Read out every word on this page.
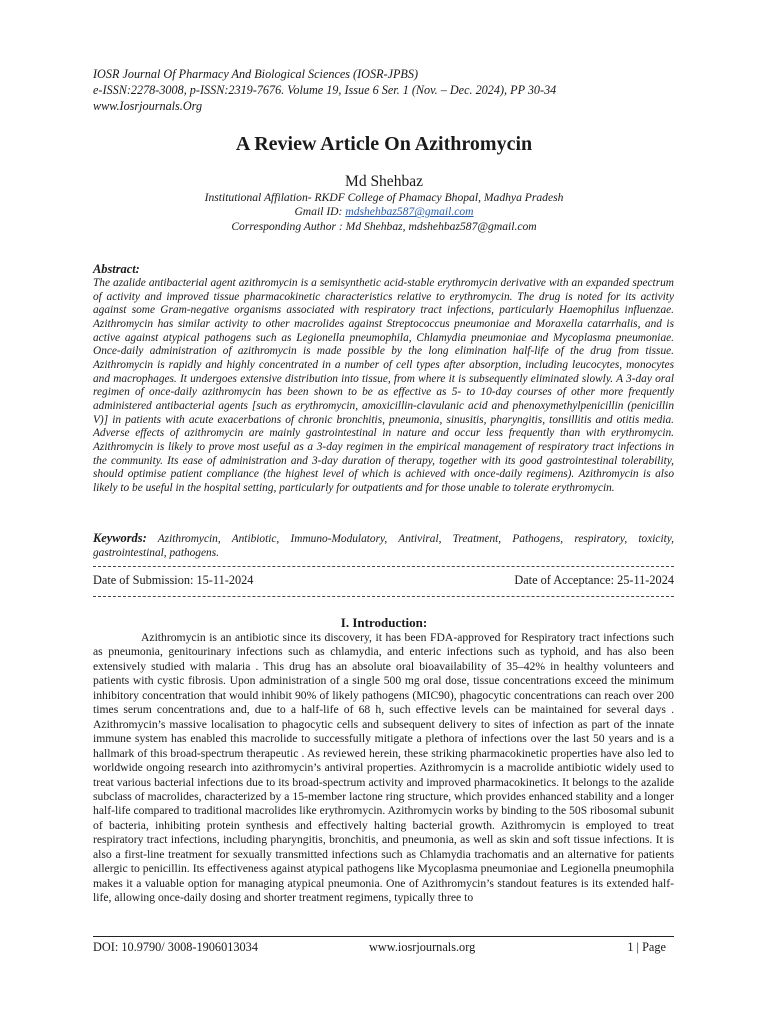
IOSR Journal Of Pharmacy And Biological Sciences (IOSR-JPBS)
e-ISSN:2278-3008, p-ISSN:2319-7676. Volume 19, Issue 6 Ser. 1 (Nov. – Dec. 2024), PP 30-34
www.Iosrjournals.Org
A Review Article On Azithromycin
Md Shehbaz
Institutional Affilation- RKDF College of Phamacy Bhopal, Madhya Pradesh
Gmail ID: mdshehbaz587@gmail.com
Corresponding Author : Md Shehbaz, mdshehbaz587@gmail.com
Abstract:
The azalide antibacterial agent azithromycin is a semisynthetic acid-stable erythromycin derivative with an expanded spectrum of activity and improved tissue pharmacokinetic characteristics relative to erythromycin. The drug is noted for its activity against some Gram-negative organisms associated with respiratory tract infections, particularly Haemophilus influenzae. Azithromycin has similar activity to other macrolides against Streptococcus pneumoniae and Moraxella catarrhalis, and is active against atypical pathogens such as Legionella pneumophila, Chlamydia pneumoniae and Mycoplasma pneumoniae. Once-daily administration of azithromycin is made possible by the long elimination half-life of the drug from tissue. Azithromycin is rapidly and highly concentrated in a number of cell types after absorption, including leucocytes, monocytes and macrophages. It undergoes extensive distribution into tissue, from where it is subsequently eliminated slowly. A 3-day oral regimen of once-daily azithromycin has been shown to be as effective as 5- to 10-day courses of other more frequently administered antibacterial agents [such as erythromycin, amoxicillin-clavulanic acid and phenoxymethylpenicillin (penicillin V)] in patients with acute exacerbations of chronic bronchitis, pneumonia, sinusitis, pharyngitis, tonsillitis and otitis media. Adverse effects of azithromycin are mainly gastrointestinal in nature and occur less frequently than with erythromycin. Azithromycin is likely to prove most useful as a 3-day regimen in the empirical management of respiratory tract infections in the community. Its ease of administration and 3-day duration of therapy, together with its good gastrointestinal tolerability, should optimise patient compliance (the highest level of which is achieved with once-daily regimens). Azithromycin is also likely to be useful in the hospital setting, particularly for outpatients and for those unable to tolerate erythromycin.
Keywords: Azithromycin, Antibiotic, Immuno-Modulatory, Antiviral, Treatment, Pathogens, respiratory, toxicity, gastrointestinal, pathogens.
Date of Submission: 15-11-2024	Date of Acceptance: 25-11-2024
I. Introduction:
Azithromycin is an antibiotic since its discovery, it has been FDA-approved for Respiratory tract infections such as pneumonia, genitourinary infections such as chlamydia, and enteric infections such as typhoid, and has also been extensively studied with malaria . This drug has an absolute oral bioavailability of 35–42% in healthy volunteers and patients with cystic fibrosis. Upon administration of a single 500 mg oral dose, tissue concentrations exceed the minimum inhibitory concentration that would inhibit 90% of likely pathogens (MIC90), phagocytic concentrations can reach over 200 times serum concentrations and, due to a half-life of 68 h, such effective levels can be maintained for several days . Azithromycin’s massive localisation to phagocytic cells and subsequent delivery to sites of infection as part of the innate immune system has enabled this macrolide to successfully mitigate a plethora of infections over the last 50 years and is a hallmark of this broad-spectrum therapeutic . As reviewed herein, these striking pharmacokinetic properties have also led to worldwide ongoing research into azithromycin’s antiviral properties. Azithromycin is a macrolide antibiotic widely used to treat various bacterial infections due to its broad-spectrum activity and improved pharmacokinetics. It belongs to the azalide subclass of macrolides, characterized by a 15-member lactone ring structure, which provides enhanced stability and a longer half-life compared to traditional macrolides like erythromycin. Azithromycin works by binding to the 50S ribosomal subunit of bacteria, inhibiting protein synthesis and effectively halting bacterial growth. Azithromycin is employed to treat respiratory tract infections, including pharyngitis, bronchitis, and pneumonia, as well as skin and soft tissue infections. It is also a first-line treatment for sexually transmitted infections such as Chlamydia trachomatis and an alternative for patients allergic to penicillin. Its effectiveness against atypical pathogens like Mycoplasma pneumoniae and Legionella pneumophila makes it a valuable option for managing atypical pneumonia. One of Azithromycin’s standout features is its extended half-life, allowing once-daily dosing and shorter treatment regimens, typically three to
DOI: 10.9790/ 3008-1906013034	www.iosrjournals.org	1 | Page
